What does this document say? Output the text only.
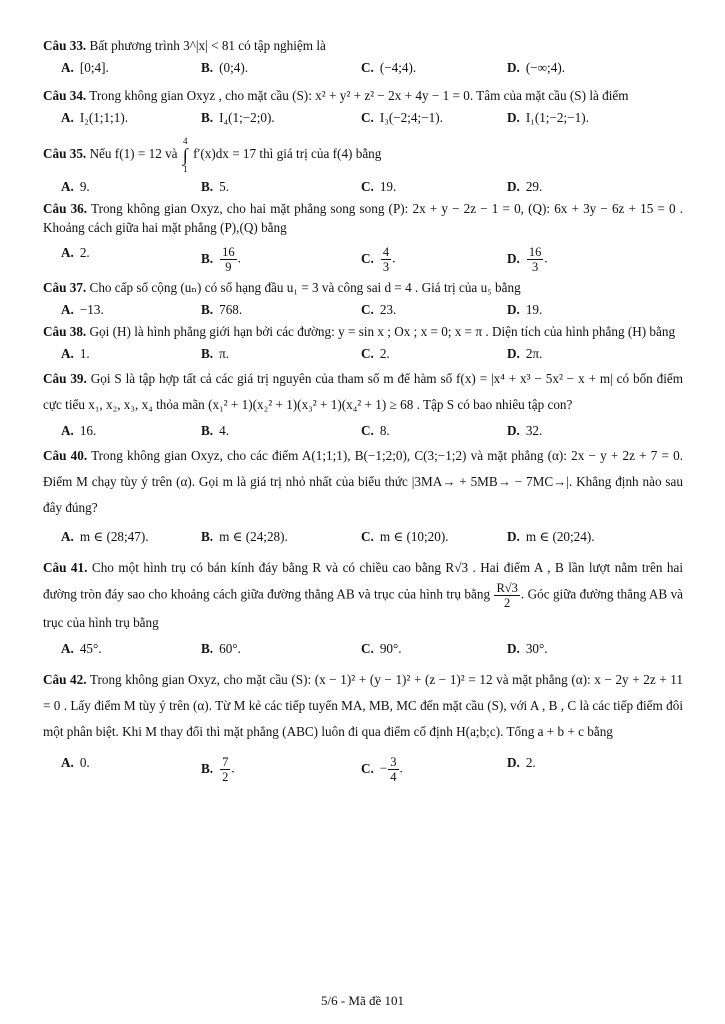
Câu 33. Bất phương trình 3^|x| < 81 có tập nghiệm là

A. [0;4].	B. (0;4).	C. (−4;4).	D. (−∞;4).

Câu 34. Trong không gian Oxyz , cho mặt cầu (S): x² + y² + z² − 2x + 4y − 1 = 0. Tâm của mặt cầu (S) là điểm

A. I₂(1;1;1).	B. I₄(1;−2;0).	C. I₃(−2;4;−1).	D. I₁(1;−2;−1).

Câu 35. Nếu f(1) = 12 và
4
∫
1
f′(x)dx = 17 thì giá trị của f(4) bằng

A. 9.	B. 5.	C. 19.	D. 29.

Câu 36. Trong không gian Oxyz, cho hai mặt phẳng song song (P): 2x + y − 2z − 1 = 0, (Q): 6x + 3y − 6z + 15 = 0 . Khoảng cách giữa hai mặt phẳng (P),(Q) bằng

A. 2.	B. $\frac{16}{9}$ .	C. $\frac{4}{3}$ .	D. $\frac{16}{3}$ .

Câu 37. Cho cấp số cộng (uₙ) có số hạng đầu u₁ = 3 và công sai d = 4 . Giá trị của u₅ bằng

A. −13.	B. 768.	C. 23.	D. 19.

Câu 38. Gọi (H) là hình phẳng giới hạn bởi các đường: y = sin x ; Ox ; x = 0; x = π . Diện tích của hình phẳng (H) bằng

A. 1.	B. π.	C. 2.	D. 2π.

Câu 39. Gọi S là tập hợp tất cả các giá trị nguyên của tham số m để hàm số f(x) = |x⁴ + x³ − 5x² − x + m| có bốn điểm cực tiểu x₁, x₂, x₃, x₄ thỏa mãn (x₁² + 1)(x₂² + 1)(x₃² + 1)(x₄² + 1) ≥ 68 . Tập S có bao nhiêu tập con?

A. 16.	B. 4.	C. 8.	D. 32.

Câu 40. Trong không gian Oxyz, cho các điểm A(1;1;1), B(−1;2;0), C(3;−1;2) và mặt phẳng (α): 2x − y + 2z + 7 = 0. Điểm M chạy tùy ý trên (α). Gọi m là giá trị nhỏ nhất của biểu thức |3MA→ + 5MB→ − 7MC→|. Khẳng định nào sau đây đúng?

A. m ∈ (28;47).	B. m ∈ (24;28).	C. m ∈ (10;20).	D. m ∈ (20;24).

Câu 41. Cho một hình trụ có bán kính đáy bằng R và có chiều cao bằng R√3 . Hai điểm A , B lần lượt nằm trên hai đường tròn đáy sao cho khoảng cách giữa đường thẳng AB và trục của hình trụ bằng $\frac{R√3}{2}$ . Góc giữa đường thẳng AB và trục của hình trụ bằng

A. 45°.	B. 60°.	C. 90°.	D. 30°.

Câu 42. Trong không gian Oxyz, cho mặt cầu (S): (x − 1)² + (y − 1)² + (z − 1)² = 12 và mặt phẳng (α): x − 2y + 2z + 11 = 0 . Lấy điểm M tùy ý trên (α). Từ M kẻ các tiếp tuyến MA, MB, MC đến mặt cầu (S), với A , B , C là các tiếp điểm đôi một phân biệt. Khi M thay đổi thì mặt phẳng (ABC) luôn đi qua điểm cố định H(a;b;c). Tổng a + b + c bằng

A. 0.	B. $\frac{7}{2}$ .	C. − $\frac{3}{4}$ .	D. 2.
5/6 - Mã đề 101
